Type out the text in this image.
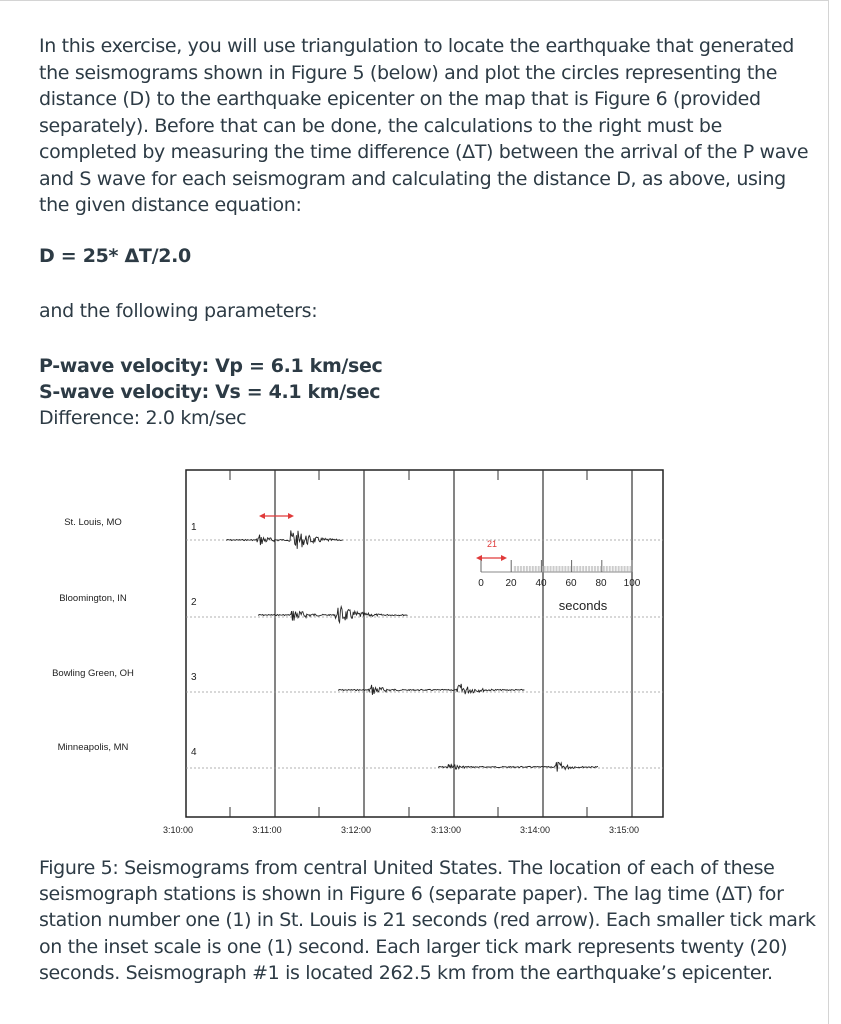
In this exercise, you will use triangulation to locate the earthquake that generated the seismograms shown in Figure 5 (below) and plot the circles representing the distance (D) to the earthquake epicenter on the map that is Figure 6 (provided separately). Before that can be done, the calculations to the right must be completed by measuring the time difference (ΔT) between the arrival of the P wave and S wave for each seismogram and calculating the distance D, as above, using the given distance equation:

D = 25* ΔT/2.0

and the following parameters:

P-wave velocity: Vp = 6.1 km/sec
S-wave velocity: Vs = 4.1 km/sec
Difference: 2.0 km/sec
St. Louis, MO
Bloomington, IN
Bowling Green, OH
Minneapolis, MN
1
2
3
4
21
0 20 40 60 80 100
seconds
3:10:00	3:11:00	3:12:00	3:13:00	3:14:00	3:15:00

Figure 5: Seismograms from central United States. The location of each of these seismograph stations is shown in Figure 6 (separate paper). The lag time (ΔT) for station number one (1) in St. Louis is 21 seconds (red arrow). Each smaller tick mark on the inset scale is one (1) second. Each larger tick mark represents twenty (20) seconds. Seismograph #1 is located 262.5 km from the earthquake’s epicenter.
